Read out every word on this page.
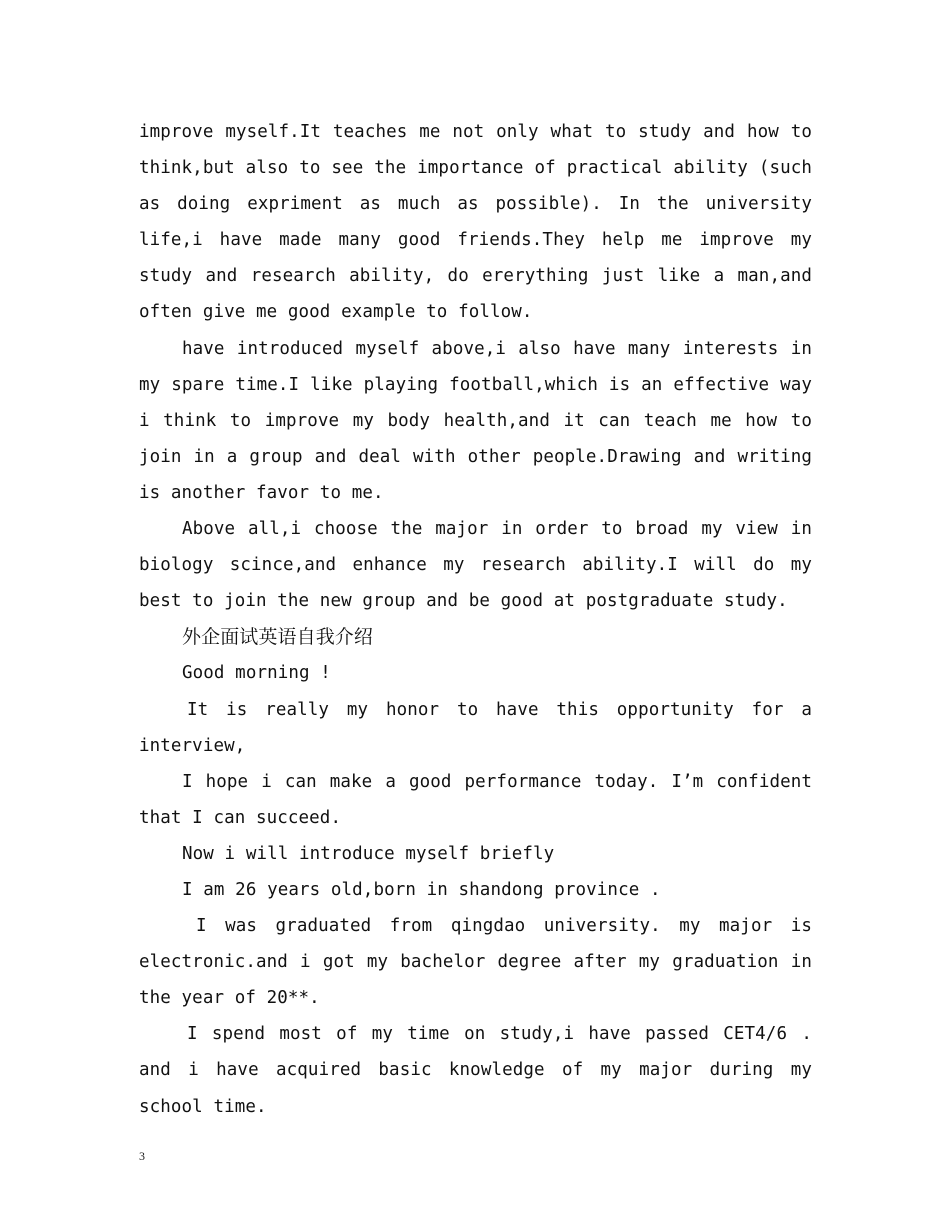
improve myself.It teaches me not only what to study and how to think,but also to see the importance of practical ability (such as doing expriment as much as possible). In the university life,i have made many good friends.They help me improve my study and research ability, do ererything just like a man,and often give me good example to follow.

have introduced myself above,i also have many interests in my spare time.I like playing football,which is an effective way i think to improve my body health,and it can teach me how to join in a group and deal with other people.Drawing and writing is another favor to me.

Above all,i choose the major in order to broad my view in biology scince,and enhance my research ability.I will do my best to join the new group and be good at postgraduate study.

外企面试英语自我介绍

Good morning !

It is really my honor to have this opportunity for a interview,

I hope i can make a good performance today. I’m confident that I can succeed.

Now i will introduce myself briefly

I am 26 years old,born in shandong province .

I was graduated from qingdao university. my major is electronic.and i got my bachelor degree after my graduation in the year of 20**.

I spend most of my time on study,i have passed CET4/6 . and i have acquired basic knowledge of my major during my school time.

3
